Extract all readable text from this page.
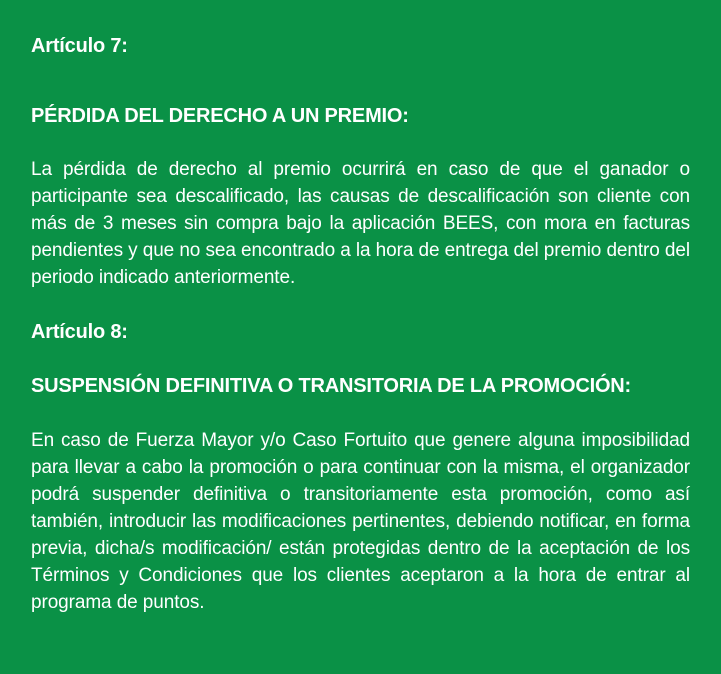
Artículo 7:
PÉRDIDA DEL DERECHO A UN PREMIO:
La pérdida de derecho al premio ocurrirá en caso de que el ganador o participante sea descalificado, las causas de descalificación son cliente con más de 3 meses sin compra bajo la aplicación BEES, con mora en facturas pendientes y que no sea encontrado a la hora de entrega del premio dentro del periodo indicado anteriormente.
Artículo 8:
SUSPENSIÓN DEFINITIVA O TRANSITORIA DE LA PROMOCIÓN:
En caso de Fuerza Mayor y/o Caso Fortuito que genere alguna imposibilidad para llevar a cabo la promoción o para continuar con la misma, el organizador podrá suspender definitiva o transitoriamente esta promoción, como así también, introducir las modificaciones pertinentes, debiendo notificar, en forma previa, dicha/s modificación/ están protegidas dentro de la aceptación de los Términos y Condiciones que los clientes aceptaron a la hora de entrar al programa de puntos.
